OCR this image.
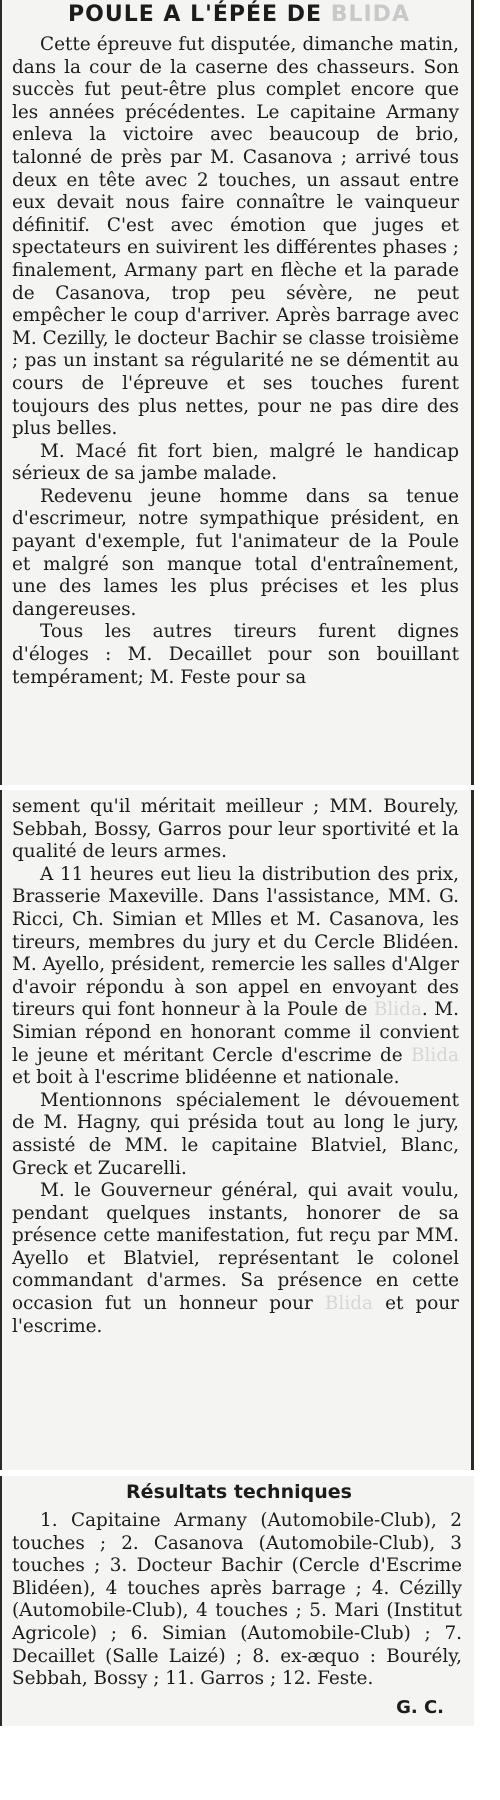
POULE A L'ÉPÉE DE BLIDA

Cette épreuve fut disputée, dimanche matin, dans la cour de la caserne des chasseurs. Son succès fut peut-être plus complet encore que les années précédentes. Le capitaine Armany enleva la victoire avec beaucoup de brio, talonné de près par M. Casanova ; arrivé tous deux en tête avec 2 touches, un assaut entre eux devait nous faire connaître le vainqueur définitif. C'est avec émotion que juges et spectateurs en suivirent les différentes phases ; finalement, Armany part en flèche et la parade de Casanova, trop peu sévère, ne peut empêcher le coup d'arriver. Après barrage avec M. Cezilly, le docteur Bachir se classe troisième ; pas un instant sa régularité ne se démentit au cours de l'épreuve et ses touches furent toujours des plus nettes, pour ne pas dire des plus belles.

M. Macé fit fort bien, malgré le handicap sérieux de sa jambe malade.

Redevenu jeune homme dans sa tenue d'escrimeur, notre sympathique président, en payant d'exemple, fut l'animateur de la Poule et malgré son manque total d'entraînement, une des lames les plus précises et les plus dangereuses.

Tous les autres tireurs furent dignes d'éloges : M. Decaillet pour son bouillant tempérament; M. Feste pour sa

sement qu'il méritait meilleur ; MM. Bourely, Sebbah, Bossy, Garros pour leur sportivité et la qualité de leurs armes.

A 11 heures eut lieu la distribution des prix, Brasserie Maxeville. Dans l'assistance, MM. G. Ricci, Ch. Simian et Mlles et M. Casanova, les tireurs, membres du jury et du Cercle Blidéen. M. Ayello, président, remercie les salles d'Alger d'avoir répondu à son appel en envoyant des tireurs qui font honneur à la Poule de Blida. M. Simian répond en honorant comme il convient le jeune et méritant Cercle d'escrime de Blida et boit à l'escrime blidéenne et nationale.

Mentionnons spécialement le dévouement de M. Hagny, qui présida tout au long le jury, assisté de MM. le capitaine Blatviel, Blanc, Greck et Zucarelli.

M. le Gouverneur général, qui avait voulu, pendant quelques instants, honorer de sa présence cette manifestation, fut reçu par MM. Ayello et Blatviel, représentant le colonel commandant d'armes. Sa présence en cette occasion fut un honneur pour Blida et pour l'escrime.

Résultats techniques

1. Capitaine Armany (Automobile-Club), 2 touches ; 2. Casanova (Automobile-Club), 3 touches ; 3. Docteur Bachir (Cercle d'Escrime Blidéen), 4 touches après barrage ; 4. Cézilly (Automobile-Club), 4 touches ; 5. Mari (Institut Agricole) ; 6. Simian (Automobile-Club) ; 7. Decaillet (Salle Laizé) ; 8. ex-æquo : Bourély, Sebbah, Bossy ; 11. Garros ; 12. Feste.

G. C.
